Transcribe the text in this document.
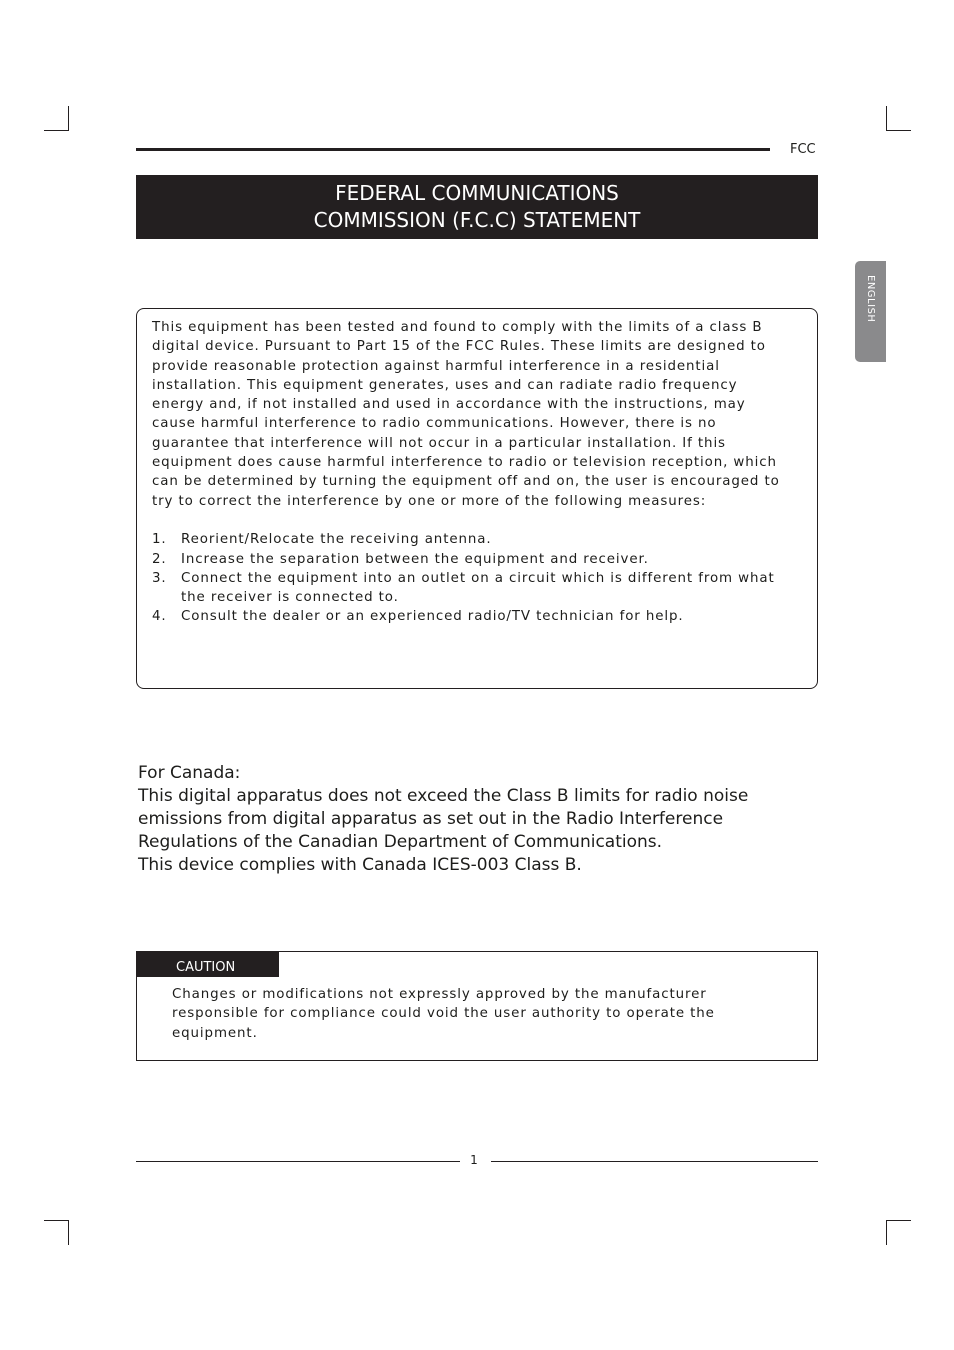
FCC
FEDERAL COMMUNICATIONS
COMMISSION (F.C.C) STATEMENT
ENGLISH

This equipment has been tested and found to comply with the limits of a class B digital device. Pursuant to Part 15 of the FCC Rules. These limits are designed to provide reasonable protection against harmful interference in a residential installation. This equipment generates, uses and can radiate radio frequency energy and, if not installed and used in accordance with the instructions, may cause harmful interference to radio communications. However, there is no guarantee that interference will not occur in a particular installation. If this equipment does cause harmful interference to radio or television reception, which can be determined by turning the equipment off and on, the user is encouraged to try to correct the interference by one or more of the following measures:

1. Reorient/Relocate the receiving antenna.
2. Increase the separation between the equipment and receiver.
3. Connect the equipment into an outlet on a circuit which is different from what the receiver is connected to.
4. Consult the dealer or an experienced radio/TV technician for help.
For Canada:
This digital apparatus does not exceed the Class B limits for radio noise
emissions from digital apparatus as set out in the Radio Interference
Regulations of the Canadian Department of Communications.
This device complies with Canada ICES-003 Class B.
CAUTION
Changes or modifications not expressly approved by the manufacturer responsible for compliance could void the user authority to operate the equipment.
1
